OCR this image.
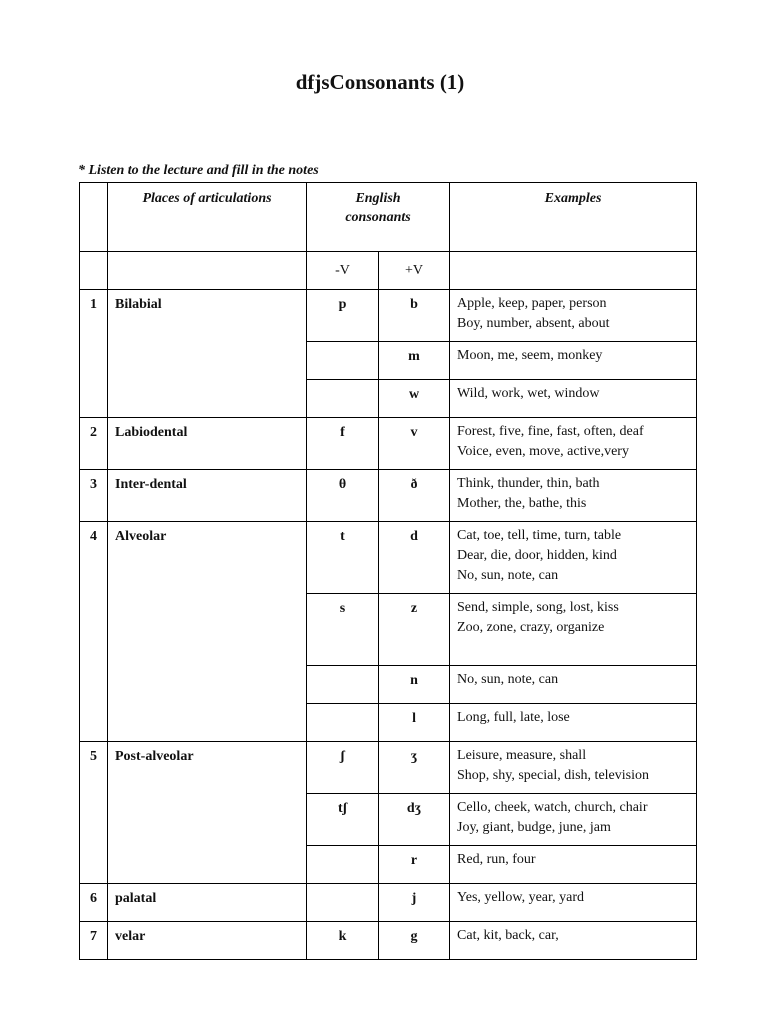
dfjsConsonants (1)

* Listen to the lecture and fill in the notes

	Places of articulations	English
consonants		Examples
		-V	+V	
1	Bilabial	p	b	Apple, keep, paper, person
Boy, number, absent, about

			m	Moon, me, seem, monkey

			w	Wild, work, wet, window

2	Labiodental	f	v	Forest, five, fine, fast, often, deaf
Voice, even, move, active,very

3	Inter-dental	θ	ð	Think, thunder, thin, bath
Mother, the, bathe, this

4	Alveolar	t	d	Cat, toe, tell, time, turn, table
Dear, die, door, hidden, kind
No, sun, note, can

		s	z	Send, simple, song, lost, kiss
Zoo, zone, crazy, organize

			n	No, sun, note, can

			l	Long, full, late, lose

5	Post-alveolar	ʃ	ʒ	Leisure, measure, shall
Shop, shy, special, dish, television

		tʃ	dʒ	Cello, cheek, watch, church, chair
Joy, giant, budge, june, jam

			r	Red, run, four

6	palatal		j	Yes, yellow, year, yard

7	velar	k	g	Cat, kit, back, car,
